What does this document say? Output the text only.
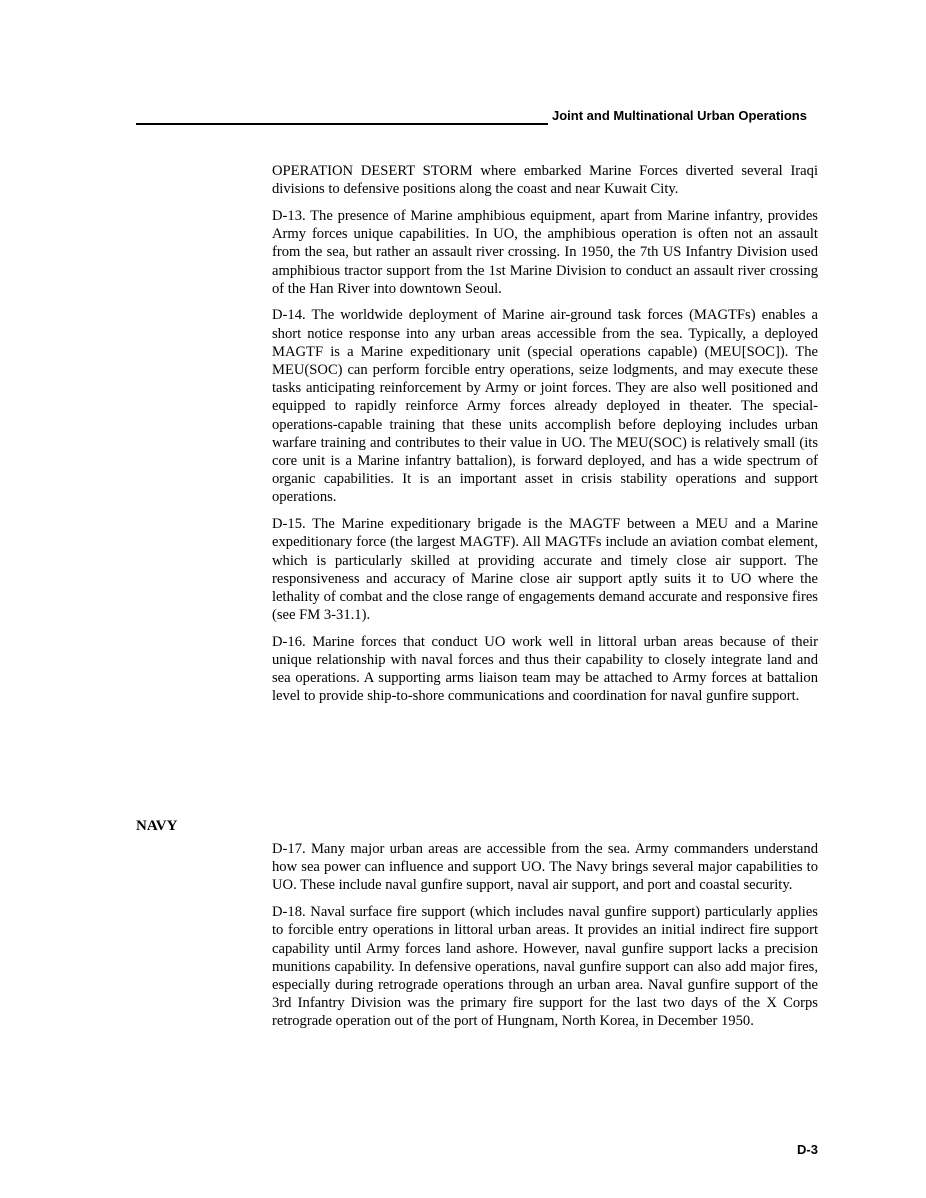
Joint and Multinational Urban Operations

OPERATION DESERT STORM where embarked Marine Forces diverted several Iraqi divisions to defensive positions along the coast and near Kuwait City.

D-13. The presence of Marine amphibious equipment, apart from Marine infantry, provides Army forces unique capabilities. In UO, the amphibious operation is often not an assault from the sea, but rather an assault river crossing. In 1950, the 7th US Infantry Division used amphibious tractor support from the 1st Marine Division to conduct an assault river crossing of the Han River into downtown Seoul.

D-14. The worldwide deployment of Marine air-ground task forces (MAGTFs) enables a short notice response into any urban areas accessible from the sea. Typically, a deployed MAGTF is a Marine expeditionary unit (special operations capable) (MEU[SOC]). The MEU(SOC) can perform forcible entry operations, seize lodgments, and may execute these tasks anticipating reinforcement by Army or joint forces. They are also well positioned and equipped to rapidly reinforce Army forces already deployed in theater. The special-operations-capable training that these units accomplish before deploying includes urban warfare training and contributes to their value in UO. The MEU(SOC) is relatively small (its core unit is a Marine infantry battalion), is forward deployed, and has a wide spectrum of organic capabilities. It is an important asset in crisis stability operations and support operations.

D-15. The Marine expeditionary brigade is the MAGTF between a MEU and a Marine expeditionary force (the largest MAGTF). All MAGTFs include an aviation combat element, which is particularly skilled at providing accurate and timely close air support. The responsiveness and accuracy of Marine close air support aptly suits it to UO where the lethality of combat and the close range of engagements demand accurate and responsive fires (see FM 3-31.1).

D-16. Marine forces that conduct UO work well in littoral urban areas because of their unique relationship with naval forces and thus their capability to closely integrate land and sea operations. A supporting arms liaison team may be attached to Army forces at battalion level to provide ship-to-shore communications and coordination for naval gunfire support.

NAVY

D-17. Many major urban areas are accessible from the sea. Army commanders understand how sea power can influence and support UO. The Navy brings several major capabilities to UO. These include naval gunfire support, naval air support, and port and coastal security.

D-18. Naval surface fire support (which includes naval gunfire support) particularly applies to forcible entry operations in littoral urban areas. It provides an initial indirect fire support capability until Army forces land ashore. However, naval gunfire support lacks a precision munitions capability. In defensive operations, naval gunfire support can also add major fires, especially during retrograde operations through an urban area. Naval gunfire support of the 3rd Infantry Division was the primary fire support for the last two days of the X Corps retrograde operation out of the port of Hungnam, North Korea, in December 1950.

D-3
